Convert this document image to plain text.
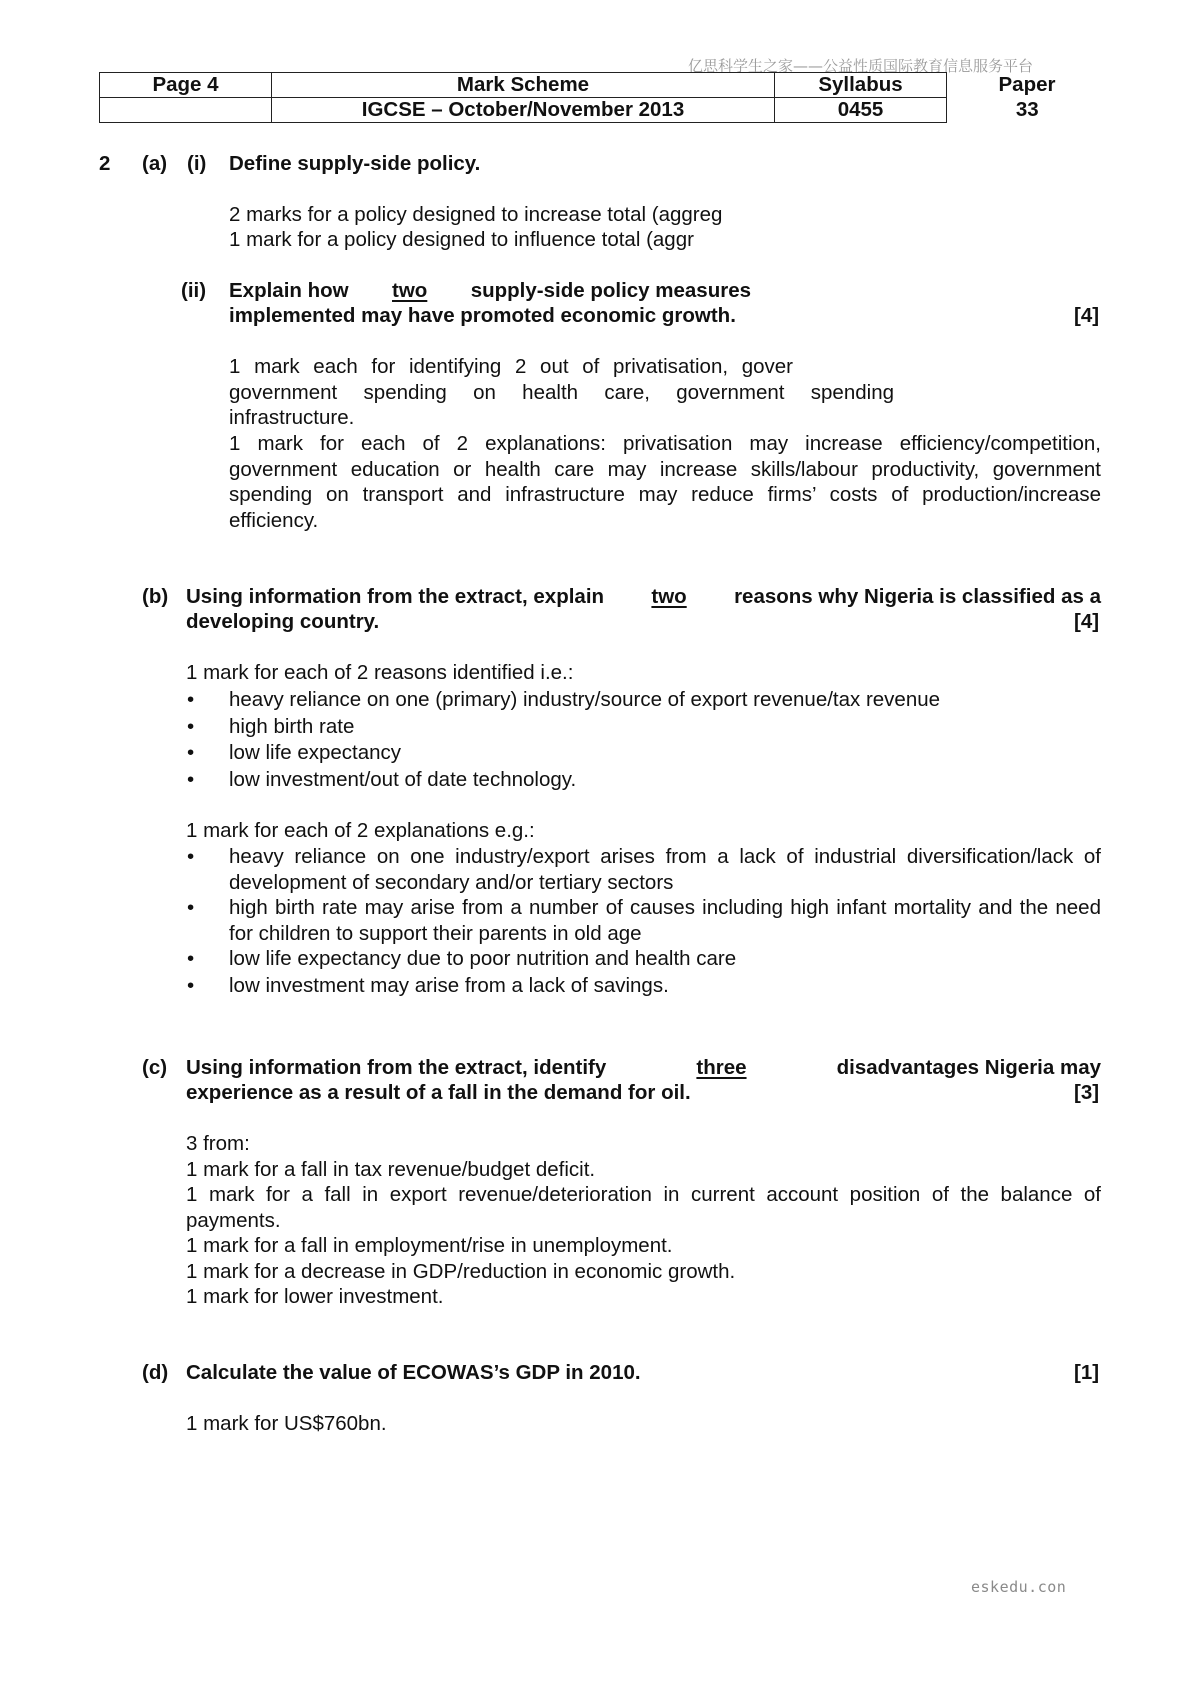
亿思科学生之家——公益性质国际教育信息服务平台
Page 4	Mark Scheme	Syllabus	Paper
	IGCSE – October/November 2013	0455	33
2 (a) (i) Define supply-side policy.
2 marks for a policy designed to increase total (aggreg
1 mark for a policy designed to influence total (aggr
(ii) Explain how two supply-side policy measures
implemented may have promoted economic growth.	[4]
1 mark each for identifying 2 out of privatisation, gover
government spending on health care, government spending
infrastructure.
1 mark for each of 2 explanations: privatisation may increase efficiency/competition, government education or health care may increase skills/labour productivity, government spending on transport and infrastructure may reduce firms’ costs of production/increase efficiency.
(b) Using information from the extract, explain two reasons why Nigeria is classified as a
developing country.	[4]
1 mark for each of 2 reasons identified i.e.:
• heavy reliance on one (primary) industry/source of export revenue/tax revenue
• high birth rate
• low life expectancy
• low investment/out of date technology.
1 mark for each of 2 explanations e.g.:
• heavy reliance on one industry/export arises from a lack of industrial diversification/lack of development of secondary and/or tertiary sectors
• high birth rate may arise from a number of causes including high infant mortality and the need for children to support their parents in old age
• low life expectancy due to poor nutrition and health care
• low investment may arise from a lack of savings.
(c) Using information from the extract, identify	three	disadvantages Nigeria may
experience as a result of a fall in the demand for oil.	[3]
3 from:
1 mark for a fall in tax revenue/budget deficit.
1 mark for a fall in export revenue/deterioration in current account position of the balance of payments.
1 mark for a fall in employment/rise in unemployment.
1 mark for a decrease in GDP/reduction in economic growth.
1 mark for lower investment.
(d) Calculate the value of ECOWAS’s GDP in 2010.	[1]
1 mark for US$760bn.
eskedu.con
